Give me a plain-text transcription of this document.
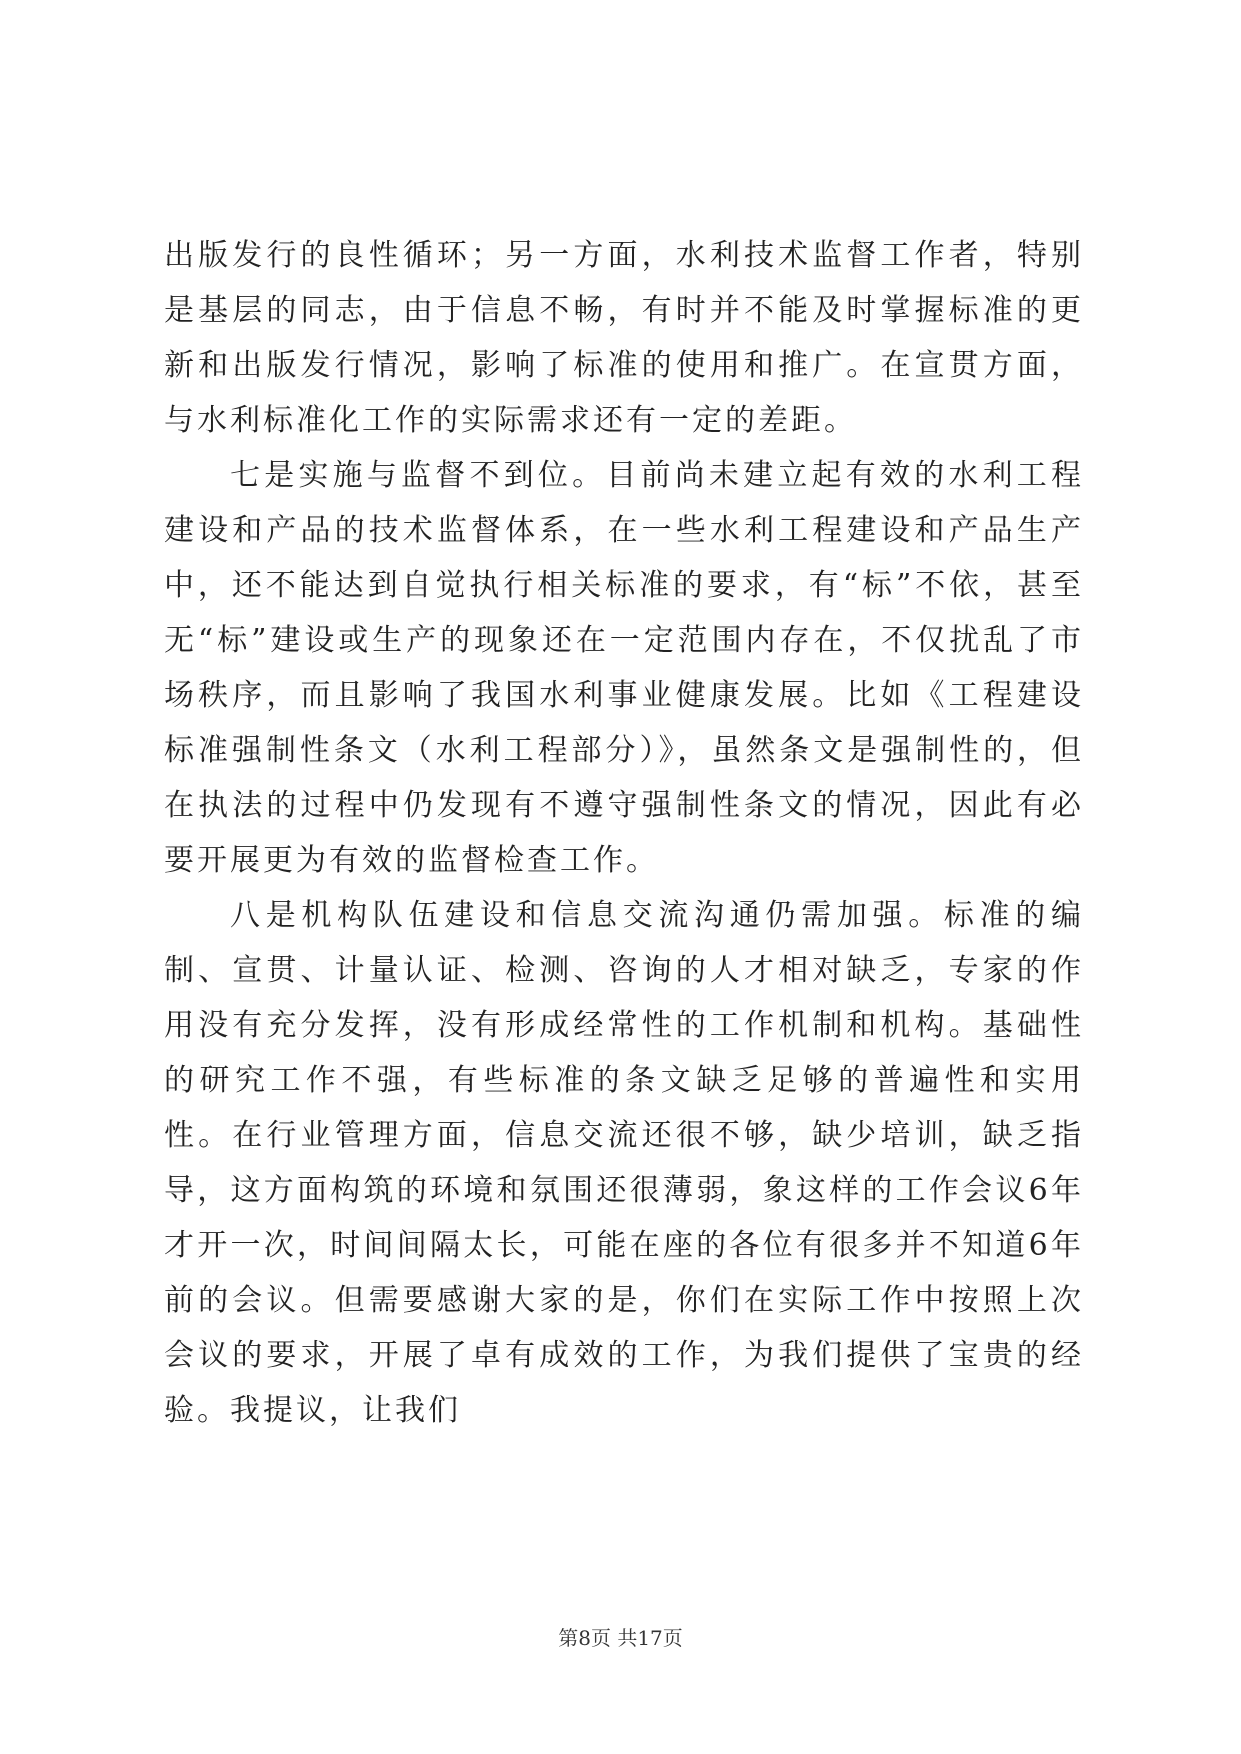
出版发行的良性循环；另一方面，水利技术监督工作者，特别是基层的同志，由于信息不畅，有时并不能及时掌握标准的更新和出版发行情况，影响了标准的使用和推广。在宣贯方面，与水利标准化工作的实际需求还有一定的差距。

七是实施与监督不到位。目前尚未建立起有效的水利工程建设和产品的技术监督体系，在一些水利工程建设和产品生产中，还不能达到自觉执行相关标准的要求，有“标”不依，甚至无“标”建设或生产的现象还在一定范围内存在，不仅扰乱了市场秩序，而且影响了我国水利事业健康发展。比如《工程建设标准强制性条文（水利工程部分）》，虽然条文是强制性的，但在执法的过程中仍发现有不遵守强制性条文的情况，因此有必要开展更为有效的监督检查工作。

八是机构队伍建设和信息交流沟通仍需加强。标准的编制、宣贯、计量认证、检测、咨询的人才相对缺乏，专家的作用没有充分发挥，没有形成经常性的工作机制和机构。基础性的研究工作不强，有些标准的条文缺乏足够的普遍性和实用性。在行业管理方面，信息交流还很不够，缺少培训，缺乏指导，这方面构筑的环境和氛围还很薄弱，象这样的工作会议6年才开一次，时间间隔太长，可能在座的各位有很多并不知道6年前的会议。但需要感谢大家的是，你们在实际工作中按照上次会议的要求，开展了卓有成效的工作，为我们提供了宝贵的经验。我提议，让我们

第8页 共17页
